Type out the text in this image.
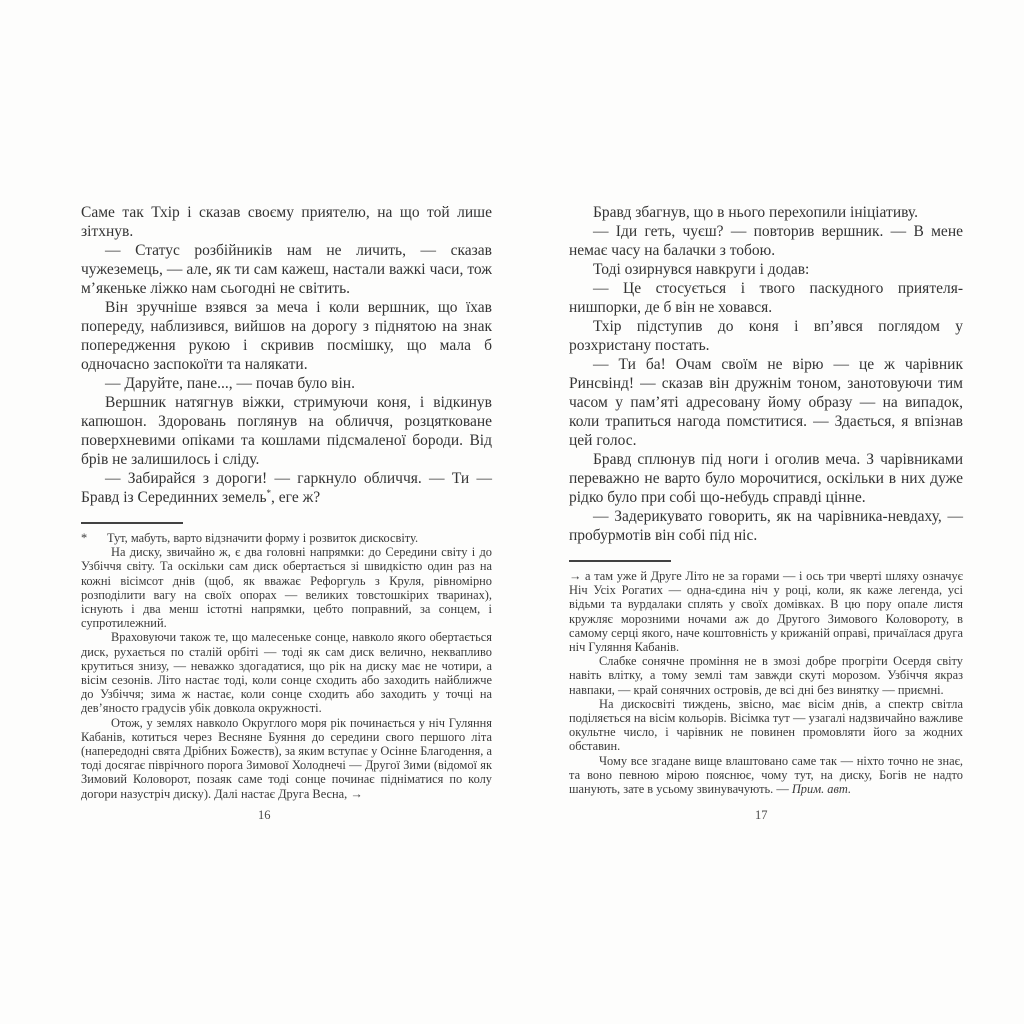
Саме так Тхір і сказав своєму приятелю, на що той лише зітхнув.
— Статус розбійників нам не личить, — сказав чужеземець, — але, як ти сам кажеш, настали важкі часи, тож м’якеньке ліжко нам сьогодні не світить.
Він зручніше взявся за меча і коли вершник, що їхав попереду, наблизився, вийшов на дорогу з піднятою на знак попередження рукою і скривив посмішку, що мала б одночасно заспокоїти та налякати.
— Даруйте, пане..., — почав було він.
Вершник натягнув віжки, стримуючи коня, і відкинув капюшон. Здоровань поглянув на обличчя, розцятковане поверхневими опіками та кошлами підсмаленої бороди. Від брів не залишилось і сліду.
— Забирайся з дороги! — гаркнуло обличчя. — Ти — Бравд із Серединних земель*, еге ж?
* Тут, мабуть, варто відзначити форму і розвиток дискосвіту.
На диску, звичайно ж, є два головні напрямки: до Середини світу і до Узбіччя світу. Та оскільки сам диск обертається зі швидкістю один раз на кожні вісімсот днів (щоб, як вважає Рефоргуль з Круля, рівномірно розподілити вагу на своїх опорах — великих товстошкірих тваринах), існують і два менш істотні напрямки, цебто поправний, за сонцем, і супротилежний.
Враховуючи також те, що малесеньке сонце, навколо якого обертається диск, рухається по сталій орбіті — тоді як сам диск велично, неквапливо крутиться знизу, — неважко здогадатися, що рік на диску має не чотири, а вісім сезонів. Літо настає тоді, коли сонце сходить або заходить найближче до Узбіччя; зима ж настає, коли сонце сходить або заходить у точці на дев’яносто градусів убік довкола окружності.
Отож, у землях навколо Округлого моря рік починається у ніч Гуляння Кабанів, котиться через Весняне Буяння до середини свого першого літа (напередодні свята Дрібних Божеств), за яким вступає у Осінне Благодення, а тоді досягає піврічного порога Зимової Холоднечі — Другої Зими (відомої як Зимовий Коловорот, позаяк саме тоді сонце починає підніматися по колу догори назустріч диску). Далі настає Друга Весна, →
Бравд збагнув, що в нього перехопили ініціативу.
— Іди геть, чуєш? — повторив вершник. — В мене немає часу на балачки з тобою.
Тоді озирнувся навкруги і додав:
— Це стосується і твого паскудного приятеля-нишпорки, де б він не ховався.
Тхір підступив до коня і вп’явся поглядом у розхристану постать.
— Ти ба! Очам своїм не вірю — це ж чарівник Ринсвінд! — сказав він дружнім тоном, занотовуючи тим часом у пам’яті адресовану йому образу — на випадок, коли трапиться нагода помститися. — Здається, я впізнав цей голос.
Бравд сплюнув під ноги і оголив меча. З чарівниками переважно не варто було морочитися, оскільки в них дуже рідко було при собі що-небудь справді цінне.
— Задерикувато говорить, як на чарівника-невдаху, — пробурмотів він собі під ніс.
→ а там уже й Друге Літо не за горами — і ось три чверті шляху означує Ніч Усіх Рогатих — одна-єдина ніч у році, коли, як каже легенда, усі відьми та вурдалаки сплять у своїх домівках. В цю пору опале листя кружляє морозними ночами аж до Другого Зимового Коловороту, в самому серці якого, наче коштовність у крижаній оправі, причаїлася друга ніч Гуляння Кабанів.
Слабке сонячне проміння не в змозі добре прогріти Осердя світу навіть влітку, а тому землі там завжди скуті морозом. Узбіччя якраз навпаки, — край сонячних островів, де всі дні без винятку — приємні.
На дискосвіті тиждень, звісно, має вісім днів, а спектр світла поділяється на вісім кольорів. Вісімка тут — узагалі надзвичайно важливе окультне число, і чарівник не повинен промовляти його за жодних обставин.
Чому все згадане вище влаштовано саме так — ніхто точно не знає, та воно певною мірою пояснює, чому тут, на диску, Богів не надто шанують, зате в усьому звинувачують. — Прим. авт.
16	17
